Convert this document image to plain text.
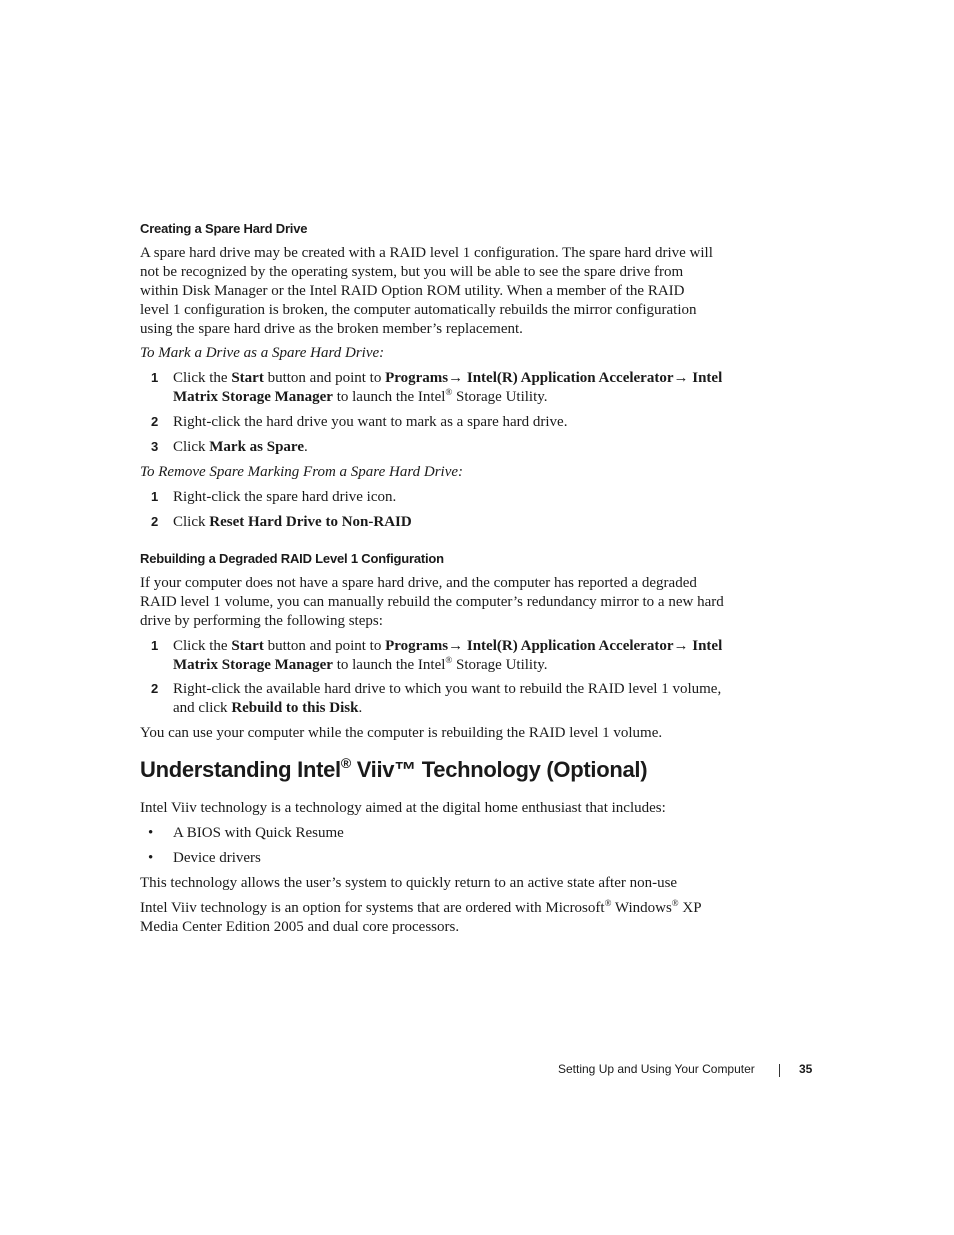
Creating a Spare Hard Drive
A spare hard drive may be created with a RAID level 1 configuration. The spare hard drive will
not be recognized by the operating system, but you will be able to see the spare drive from
within Disk Manager or the Intel RAID Option ROM utility. When a member of the RAID
level 1 configuration is broken, the computer automatically rebuilds the mirror configuration
using the spare hard drive as the broken member’s replacement.
To Mark a Drive as a Spare Hard Drive:
1 Click the Start button and point to Programs→ Intel(R) Application Accelerator→ Intel
Matrix Storage Manager to launch the Intel® Storage Utility.
2 Right-click the hard drive you want to mark as a spare hard drive.
3 Click Mark as Spare.
To Remove Spare Marking From a Spare Hard Drive:
1 Right-click the spare hard drive icon.
2 Click Reset Hard Drive to Non-RAID
Rebuilding a Degraded RAID Level 1 Configuration
If your computer does not have a spare hard drive, and the computer has reported a degraded
RAID level 1 volume, you can manually rebuild the computer’s redundancy mirror to a new hard
drive by performing the following steps:
1 Click the Start button and point to Programs→ Intel(R) Application Accelerator→ Intel
Matrix Storage Manager to launch the Intel® Storage Utility.
2 Right-click the available hard drive to which you want to rebuild the RAID level 1 volume,
and click Rebuild to this Disk.
You can use your computer while the computer is rebuilding the RAID level 1 volume.
Understanding Intel® Viiv™ Technology (Optional)
Intel Viiv technology is a technology aimed at the digital home enthusiast that includes:
• A BIOS with Quick Resume
• Device drivers
This technology allows the user’s system to quickly return to an active state after non-use
Intel Viiv technology is an option for systems that are ordered with Microsoft® Windows® XP
Media Center Edition 2005 and dual core processors.
Setting Up and Using Your Computer	35
